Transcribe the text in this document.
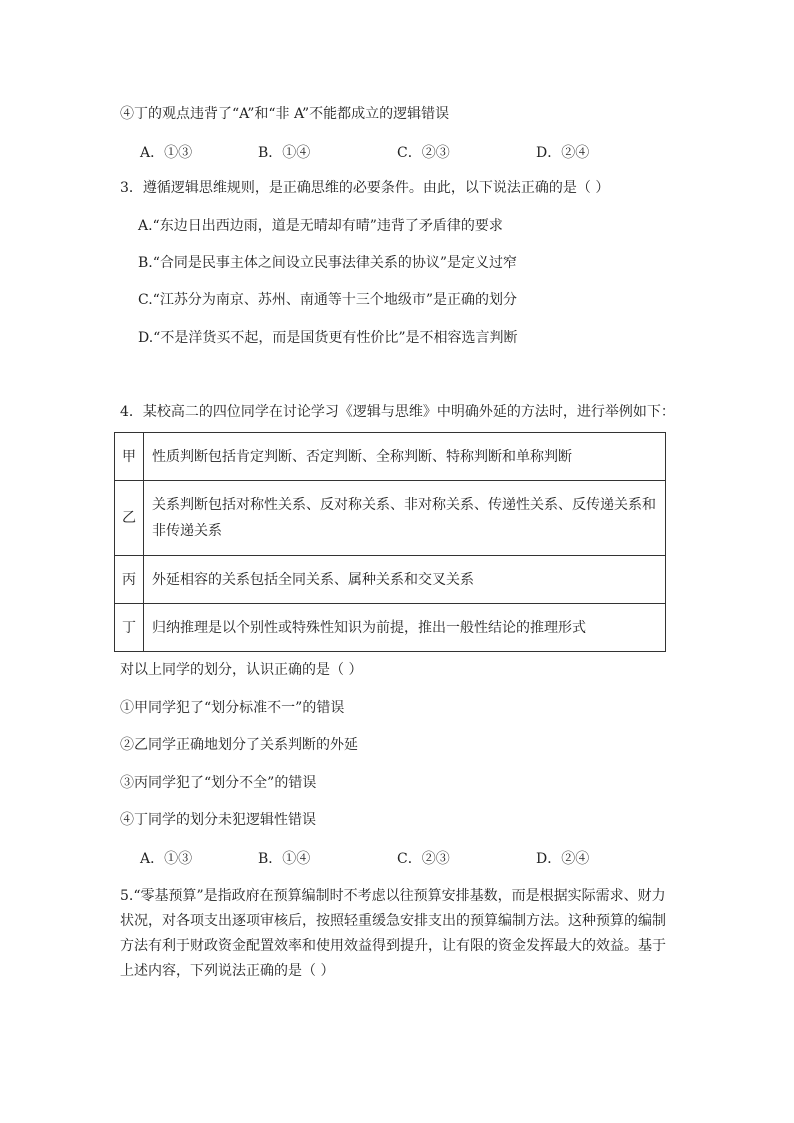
④丁的观点违背了“A”和“非 A”不能都成立的逻辑错误
A．①③	B．①④	C．②③	D．②④
3．遵循逻辑思维规则，是正确思维的必要条件。由此，以下说法正确的是（ ）
A.“东边日出西边雨，道是无晴却有晴”违背了矛盾律的要求
B.“合同是民事主体之间设立民事法律关系的协议”是定义过窄
C.“江苏分为南京、苏州、南通等十三个地级市”是正确的划分
D.“不是洋货买不起，而是国货更有性价比”是不相容选言判断
4．某校高二的四位同学在讨论学习《逻辑与思维》中明确外延的方法时，进行举例如下：
甲	性质判断包括肯定判断、否定判断、全称判断、特称判断和单称判断
乙	关系判断包括对称性关系、反对称关系、非对称关系、传递性关系、反传递关系和非传递关系
丙	外延相容的关系包括全同关系、属种关系和交叉关系
丁	归纳推理是以个别性或特殊性知识为前提，推出一般性结论的推理形式
对以上同学的划分，认识正确的是（ ）
①甲同学犯了“划分标准不一”的错误
②乙同学正确地划分了关系判断的外延
③丙同学犯了“划分不全”的错误
④丁同学的划分未犯逻辑性错误
A．①③	B．①④	C．②③	D．②④
5.“零基预算”是指政府在预算编制时不考虑以往预算安排基数，而是根据实际需求、财力状况，对各项支出逐项审核后，按照轻重缓急安排支出的预算编制方法。这种预算的编制方法有利于财政资金配置效率和使用效益得到提升，让有限的资金发挥最大的效益。基于上述内容，下列说法正确的是（ ）
